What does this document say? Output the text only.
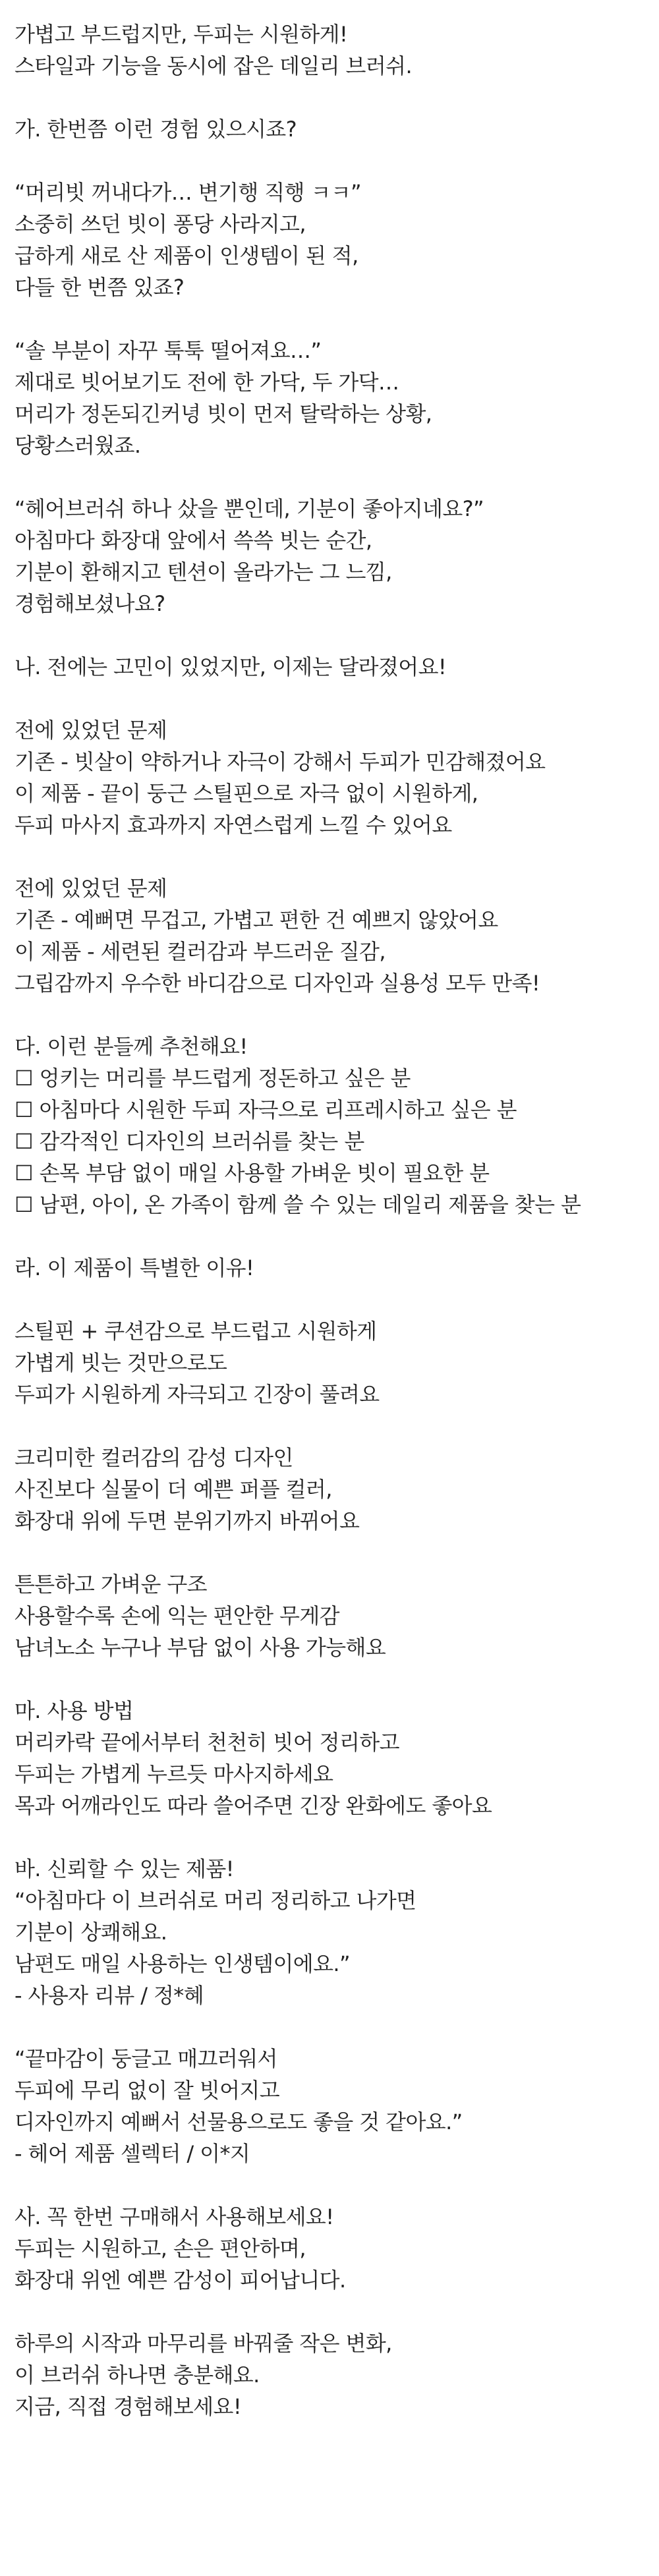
가볍고 부드럽지만, 두피는 시원하게!
스타일과 기능을 동시에 잡은 데일리 브러쉬.
가. 한번쯤 이런 경험 있으시죠?
“머리빗 꺼내다가… 변기행 직행 ㅋㅋ”
소중히 쓰던 빗이 퐁당 사라지고,
급하게 새로 산 제품이 인생템이 된 적,
다들 한 번쯤 있죠?
“솔 부분이 자꾸 툭툭 떨어져요…”
제대로 빗어보기도 전에 한 가닥, 두 가닥…
머리가 정돈되긴커녕 빗이 먼저 탈락하는 상황,
당황스러웠죠.
“헤어브러쉬 하나 샀을 뿐인데, 기분이 좋아지네요?”
아침마다 화장대 앞에서 쓱쓱 빗는 순간,
기분이 환해지고 텐션이 올라가는 그 느낌,
경험해보셨나요?
나. 전에는 고민이 있었지만, 이제는 달라졌어요!
전에 있었던 문제
기존 - 빗살이 약하거나 자극이 강해서 두피가 민감해졌어요
이 제품 - 끝이 둥근 스틸핀으로 자극 없이 시원하게,
두피 마사지 효과까지 자연스럽게 느낄 수 있어요
전에 있었던 문제
기존 - 예뻐면 무겁고, 가볍고 편한 건 예쁘지 않았어요
이 제품 - 세련된 컬러감과 부드러운 질감,
그립감까지 우수한 바디감으로 디자인과 실용성 모두 만족!
다. 이런 분들께 추천해요!
☐ 엉키는 머리를 부드럽게 정돈하고 싶은 분
☐ 아침마다 시원한 두피 자극으로 리프레시하고 싶은 분
☐ 감각적인 디자인의 브러쉬를 찾는 분
☐ 손목 부담 없이 매일 사용할 가벼운 빗이 필요한 분
☐ 남편, 아이, 온 가족이 함께 쓸 수 있는 데일리 제품을 찾는 분
라. 이 제품이 특별한 이유!
스틸핀 + 쿠션감으로 부드럽고 시원하게
가볍게 빗는 것만으로도
두피가 시원하게 자극되고 긴장이 풀려요
크리미한 컬러감의 감성 디자인
사진보다 실물이 더 예쁜 퍼플 컬러,
화장대 위에 두면 분위기까지 바뀌어요
튼튼하고 가벼운 구조
사용할수록 손에 익는 편안한 무게감
남녀노소 누구나 부담 없이 사용 가능해요
마. 사용 방법
머리카락 끝에서부터 천천히 빗어 정리하고
두피는 가볍게 누르듯 마사지하세요
목과 어깨라인도 따라 쓸어주면 긴장 완화에도 좋아요
바. 신뢰할 수 있는 제품!
“아침마다 이 브러쉬로 머리 정리하고 나가면
기분이 상쾌해요.
남편도 매일 사용하는 인생템이에요.”
- 사용자 리뷰 / 정*혜
“끝마감이 둥글고 매끄러워서
두피에 무리 없이 잘 빗어지고
디자인까지 예뻐서 선물용으로도 좋을 것 같아요.”
- 헤어 제품 셀렉터 / 이*지
사. 꼭 한번 구매해서 사용해보세요!
두피는 시원하고, 손은 편안하며,
화장대 위엔 예쁜 감성이 피어납니다.
하루의 시작과 마무리를 바꿔줄 작은 변화,
이 브러쉬 하나면 충분해요.
지금, 직접 경험해보세요!
